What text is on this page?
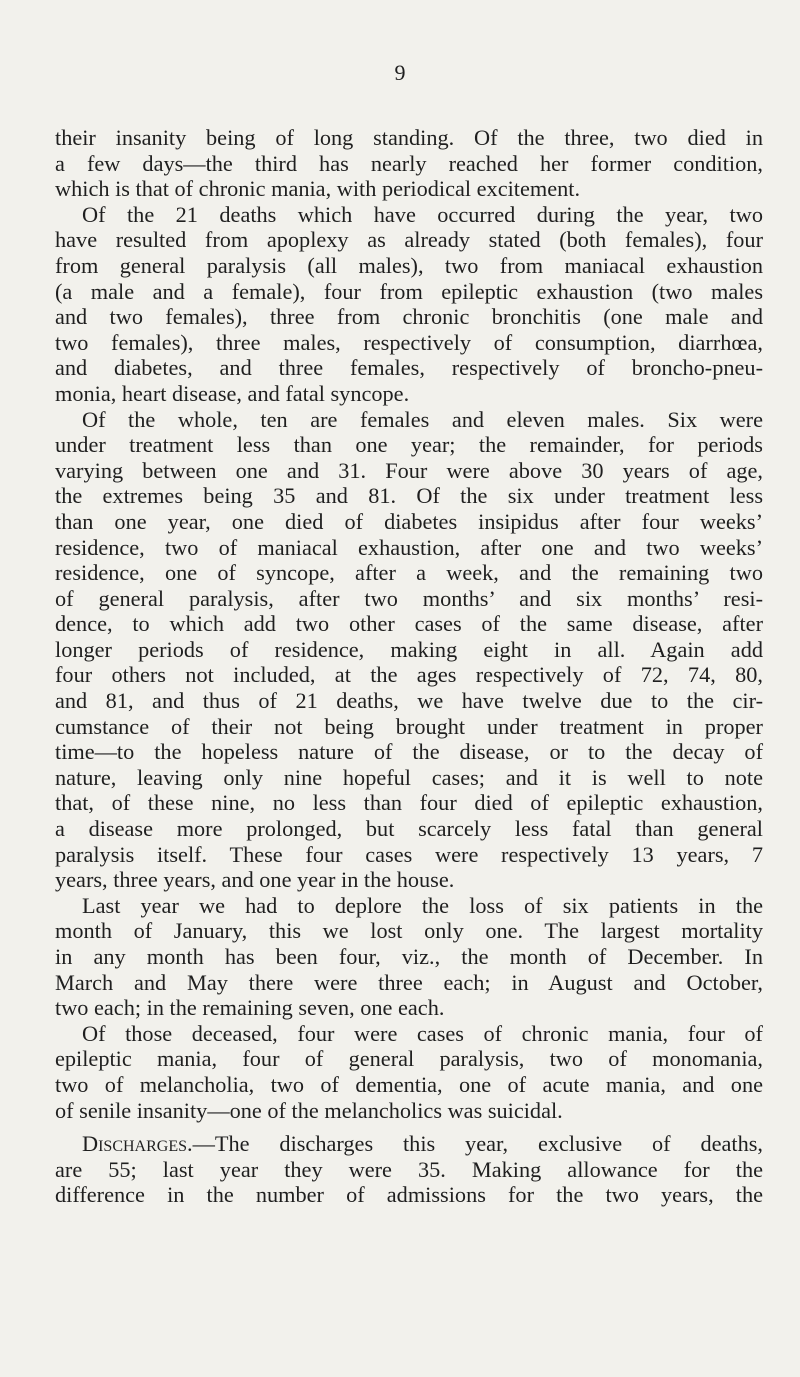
9

their insanity being of long standing. Of the three, two died in
a few days—the third has nearly reached her former condition,
which is that of chronic mania, with periodical excitement.

Of the 21 deaths which have occurred during the year, two
have resulted from apoplexy as already stated (both females), four
from general paralysis (all males), two from maniacal exhaustion
(a male and a female), four from epileptic exhaustion (two males
and two females), three from chronic bronchitis (one male and
two females), three males, respectively of consumption, diarrhœa,
and diabetes, and three females, respectively of broncho-pneu-
monia, heart disease, and fatal syncope.

Of the whole, ten are females and eleven males. Six were
under treatment less than one year; the remainder, for periods
varying between one and 31. Four were above 30 years of age,
the extremes being 35 and 81. Of the six under treatment less
than one year, one died of diabetes insipidus after four weeks’
residence, two of maniacal exhaustion, after one and two weeks’
residence, one of syncope, after a week, and the remaining two
of general paralysis, after two months’ and six months’ resi-
dence, to which add two other cases of the same disease, after
longer periods of residence, making eight in all. Again add
four others not included, at the ages respectively of 72, 74, 80,
and 81, and thus of 21 deaths, we have twelve due to the cir-
cumstance of their not being brought under treatment in proper
time—to the hopeless nature of the disease, or to the decay of
nature, leaving only nine hopeful cases; and it is well to note
that, of these nine, no less than four died of epileptic exhaustion,
a disease more prolonged, but scarcely less fatal than general
paralysis itself. These four cases were respectively 13 years, 7
years, three years, and one year in the house.

Last year we had to deplore the loss of six patients in the
month of January, this we lost only one. The largest mortality
in any month has been four, viz., the month of December. In
March and May there were three each; in August and October,
two each; in the remaining seven, one each.

Of those deceased, four were cases of chronic mania, four of
epileptic mania, four of general paralysis, two of monomania,
two of melancholia, two of dementia, one of acute mania, and one
of senile insanity—one of the melancholics was suicidal.

Discharges.—The discharges this year, exclusive of deaths,
are 55; last year they were 35. Making allowance for the
difference in the number of admissions for the two years, the
